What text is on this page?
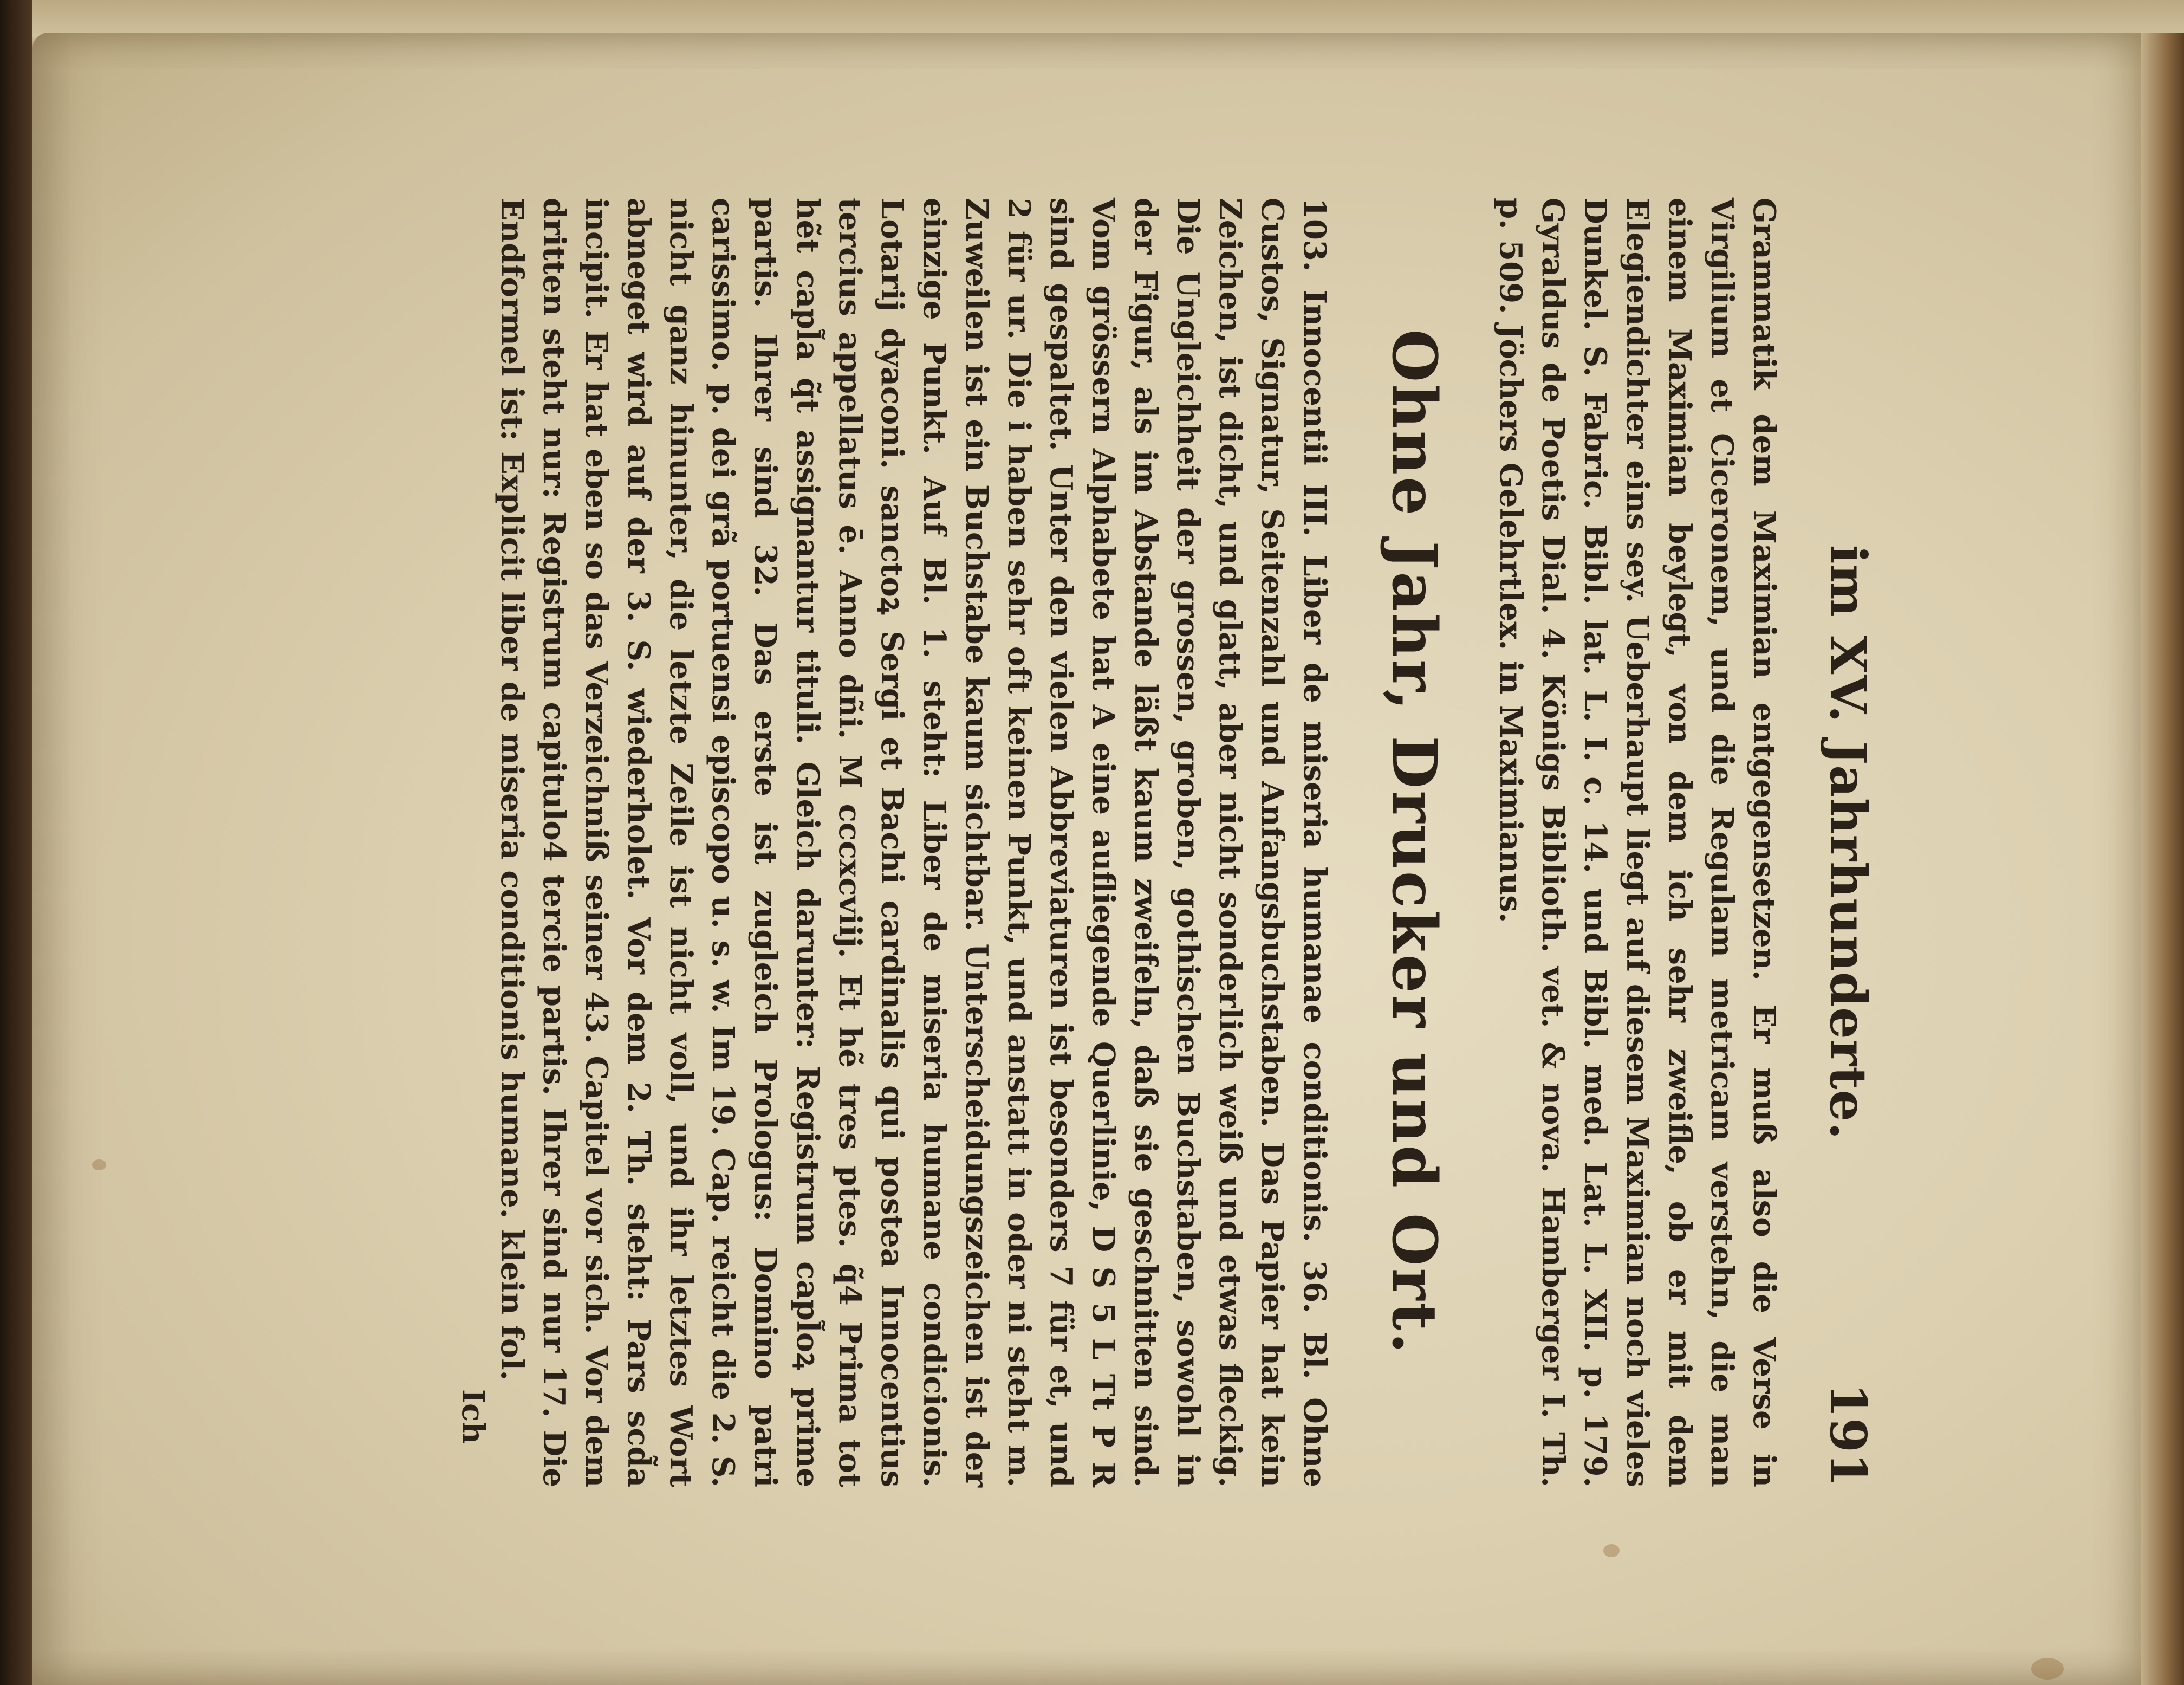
im XV. Jahrhunderte.
191
Grammatik dem Maximian entgegensetzen. Er muß also die Verse in Virgilium et Ciceronem, und die Regulam metricam verstehn, die man einem Maximian beylegt, von dem ich sehr zweifle, ob er mit dem Elegiendichter eins sey. Ueberhaupt liegt auf diesem Maximian noch vieles Dunkel. S. Fabric. Bibl. lat. L. I. c. 14. und Bibl. med. Lat. L. XII. p. 179. Gyraldus de Poetis Dial. 4. Königs Biblioth. vet. & nova. Hamberger I. Th. p. 509. Jöchers Gelehrtlex. in Maximianus.
Ohne Jahr, Drucker und Ort.
103. Innocentii III. Liber de miseria humanae conditionis. 36. Bl. Ohne Custos, Signatur, Seitenzahl und Anfangsbuchstaben. Das Papier hat kein Zeichen, ist dicht, und glatt, aber nicht sonderlich weiß und etwas fleckig. Die Ungleichheit der grossen, groben, gothischen Buchstaben, sowohl in der Figur, als im Abstande läßt kaum zweifeln, daß sie geschnitten sind. Vom grössern Alphabete hat A eine aufliegende Querlinie, D S 5 L Tt P R sind gespaltet. Unter den vielen Abbreviaturen ist besonders 7 für et, und 2 für ur. Die i haben sehr oft keinen Punkt, und anstatt in oder ni steht m. Zuweilen ist ein Buchstabe kaum sichtbar. Unterscheidungszeichen ist der einzige Punkt. Auf Bl. 1. steht: Liber de miseria humane condicionis. Lotarij dyaconi. sanctoꝝ Sergi et Bachi cardinalis qui postea Innocentius tercius appellatus ē. Anno dñi. M cccxcviij. Et hẽ tres ptes. q̃4 Prima tot hẽt capl̃a q̃t assignantur tituli. Gleich darunter: Registrum capl̃oꝝ prime partis. Ihrer sind 32. Das erste ist zugleich Prologus: Domino patri carissimo. p. dei grã portuensi episcopo u. s. w. Im 19. Cap. reicht die 2. S. nicht ganz hinunter, die letzte Zeile ist nicht voll, und ihr letztes Wort abneget wird auf der 3. S. wiederholet. Vor dem 2. Th. steht: Pars scd̃a incipit. Er hat eben so das Verzeichniß seiner 43. Capitel vor sich. Vor dem dritten steht nur: Registrum capitulo4 tercie partis. Ihrer sind nur 17. Die Endformel ist: Explicit liber de miseria conditionis humane. klein fol.
Ich
